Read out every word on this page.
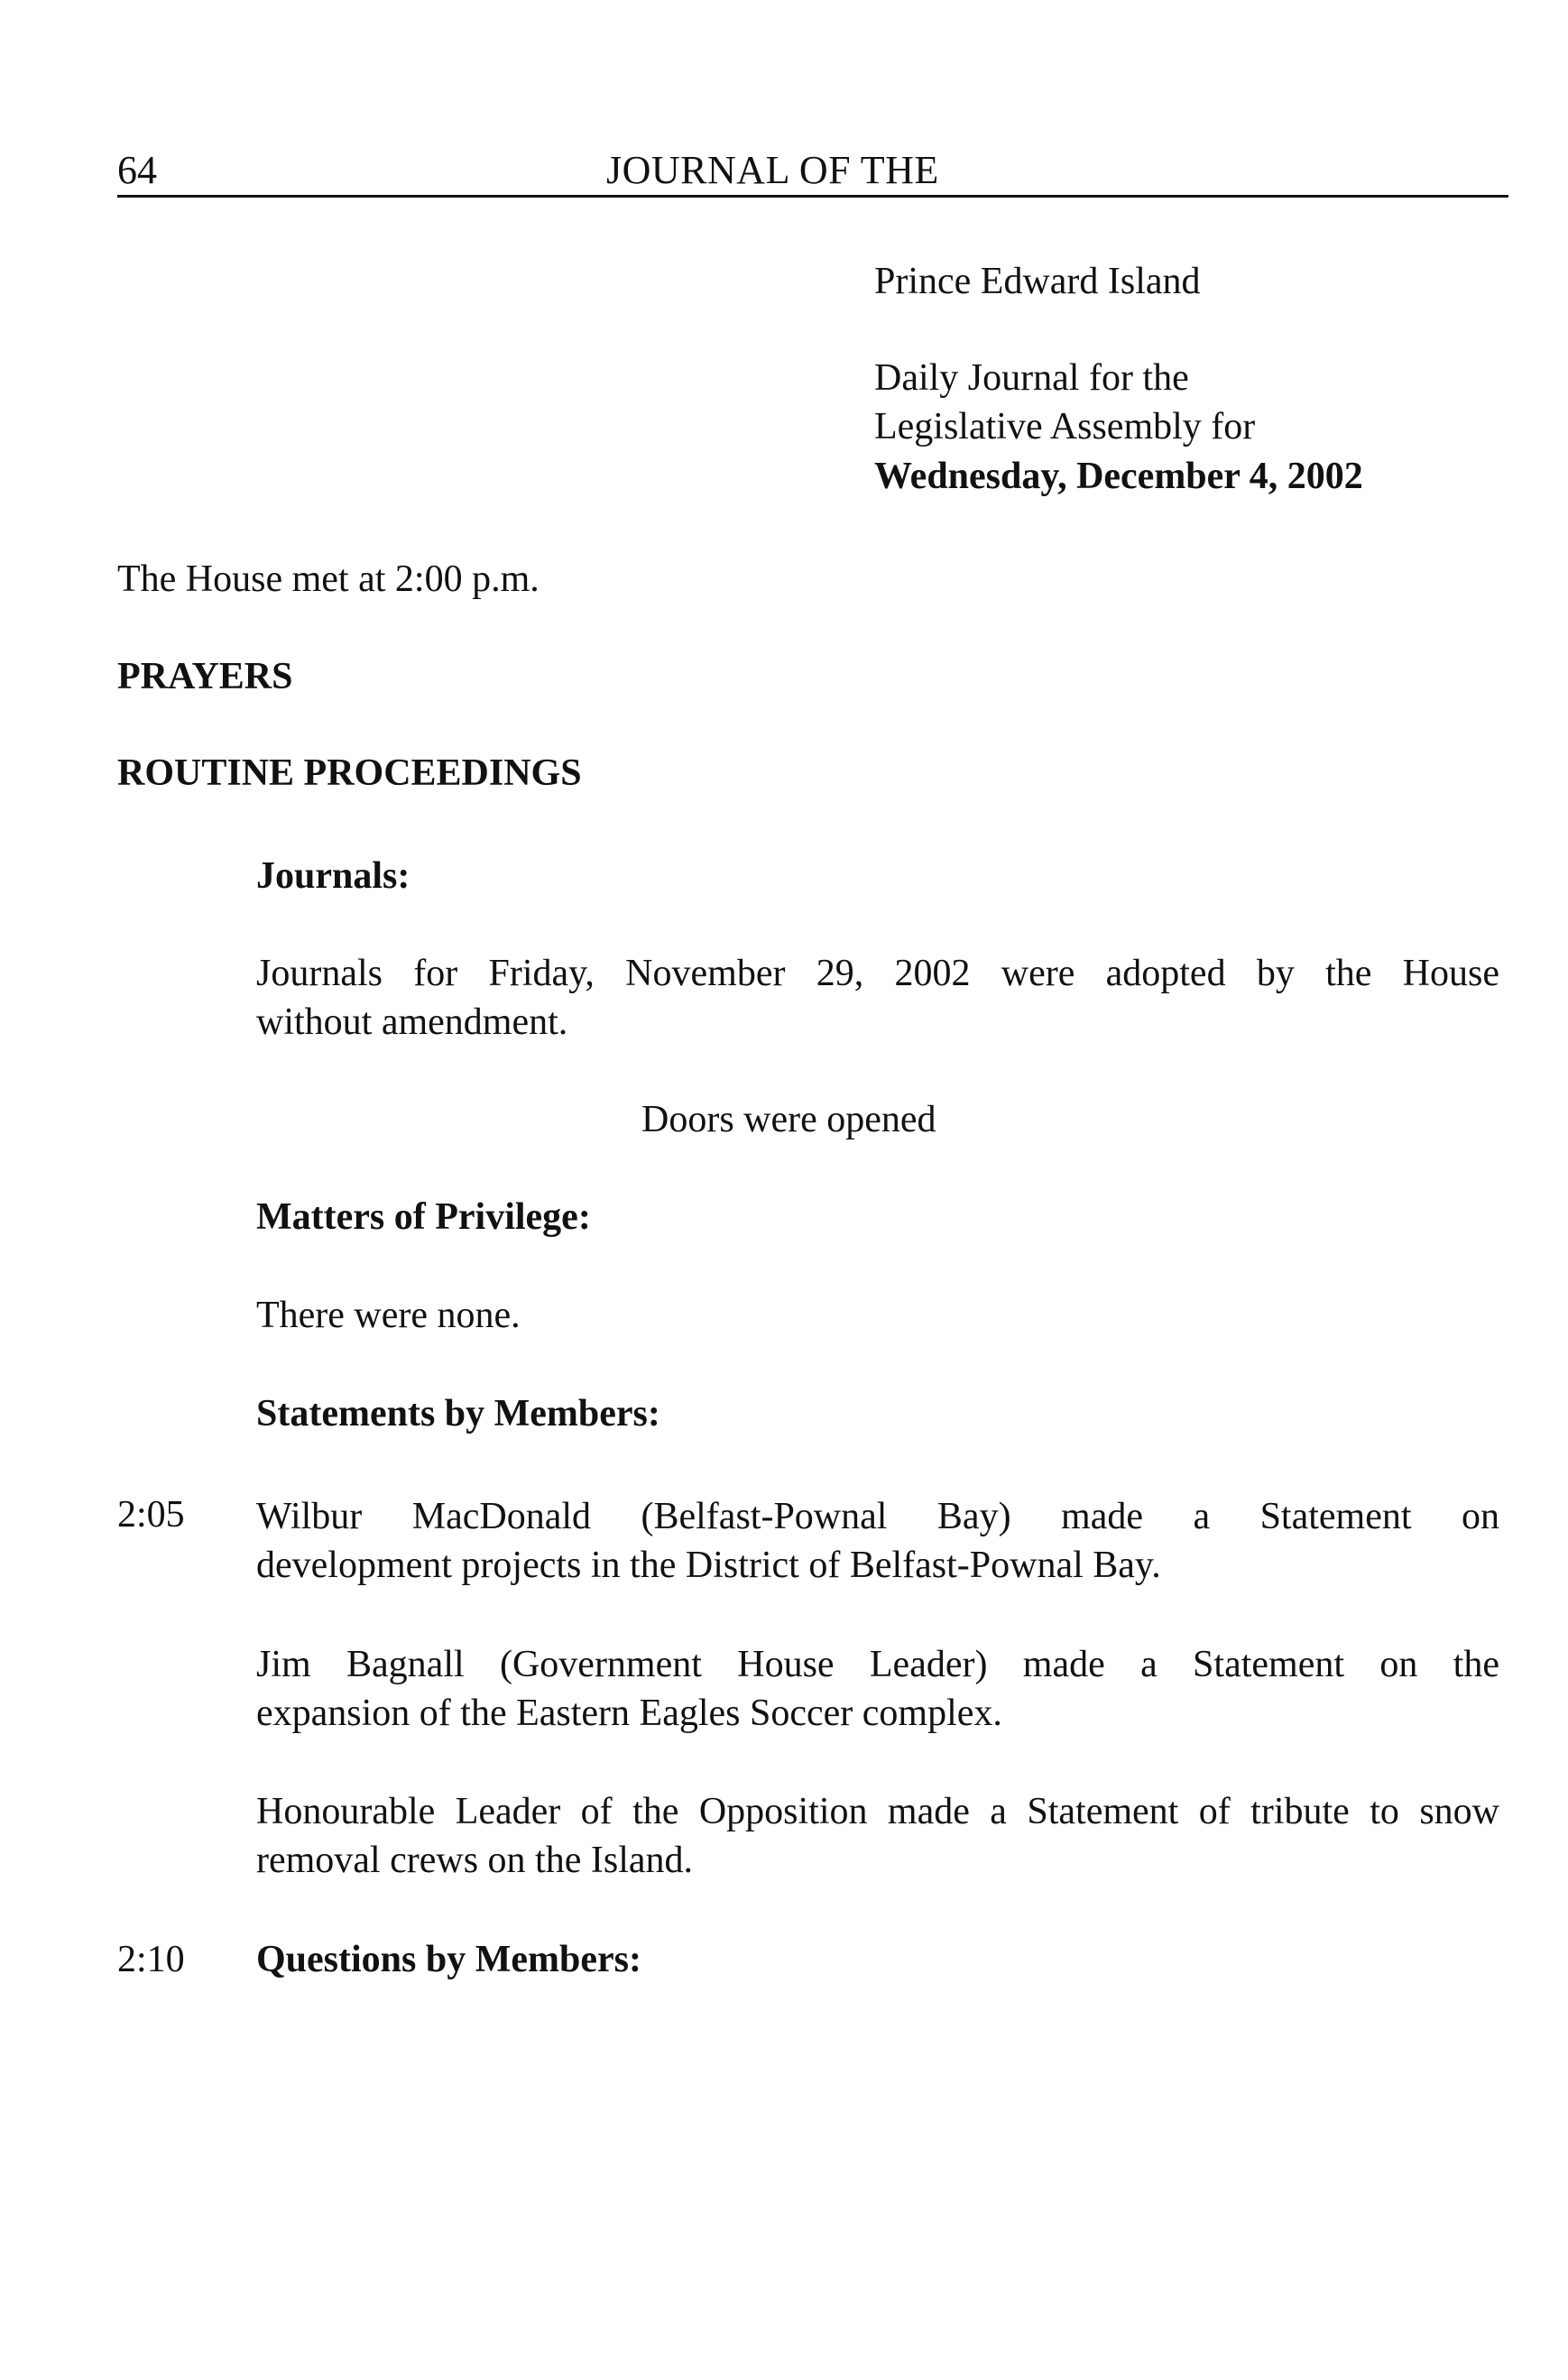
64	JOURNAL OF THE
Prince Edward Island
Daily Journal for the
Legislative Assembly for
Wednesday, December 4, 2002
The House met at 2:00 p.m.
PRAYERS
ROUTINE PROCEEDINGS
Journals:
Journals for Friday, November 29, 2002 were adopted by the House
without amendment.
Doors were opened
Matters of Privilege:
There were none.
Statements by Members:
2:05 Wilbur MacDonald (Belfast-Pownal Bay) made a Statement on
development projects in the District of Belfast-Pownal Bay.
Jim Bagnall (Government House Leader) made a Statement on the
expansion of the Eastern Eagles Soccer complex.
Honourable Leader of the Opposition made a Statement of tribute to snow
removal crews on the Island.
2:10 Questions by Members:
